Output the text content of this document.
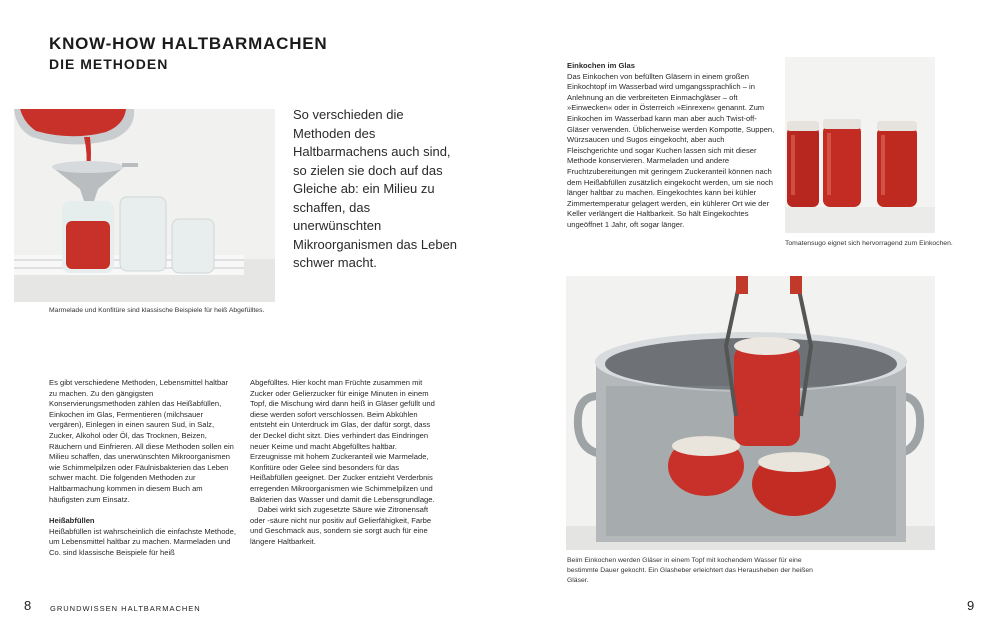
KNOW-HOW HALTBARMACHEN
DIE METHODEN
Marmelade und Konfitüre sind klassische Beispiele für heiß Abgefülltes.
So verschieden die Methoden des Haltbarmachens auch sind, so zielen sie doch auf das Gleiche ab: ein Milieu zu schaffen, das unerwünschten Mikroorganismen das Leben schwer macht.

Es gibt verschiedene Methoden, Lebensmittel haltbar zu machen. Zu den gängigsten Konservierungsmethoden zählen das Heißabfüllen, Einkochen im Glas, Fermentieren (milchsauer vergären), Einlegen in einen sauren Sud, in Salz, Zucker, Alkohol oder Öl, das Trocknen, Beizen, Räuchern und Einfrieren. All diese Methoden sollen ein Milieu schaffen, das unerwünschten Mikroorganismen wie Schimmelpilzen oder Fäulnisbakterien das Leben schwer macht. Die folgenden Methoden zur Haltbarmachung kommen in diesem Buch am häufigsten zum Einsatz.

Heißabfüllen

Heißabfüllen ist wahrscheinlich die einfachste Methode, um Lebensmittel haltbar zu machen. Marmeladen und Co. sind klassische Beispiele für heiß

Abgefülltes. Hier kocht man Früchte zusammen mit Zucker oder Gelierzucker für einige Minuten in einem Topf, die Mischung wird dann heiß in Gläser gefüllt und diese werden sofort verschlossen. Beim Abkühlen entsteht ein Unterdruck im Glas, der dafür sorgt, dass der Deckel dicht sitzt. Dies verhindert das Eindringen neuer Keime und macht Abgefülltes haltbar. Erzeugnisse mit hohem Zuckeranteil wie Marmelade, Konfitüre oder Gelee sind besonders für das Heißabfüllen geeignet. Der Zucker entzieht Verderbnis erregenden Mikroorganismen wie Schimmelpilzen und Bakterien das Wasser und damit die Lebensgrundlage.

Dabei wirkt sich zugesetzte Säure wie Zitronensaft oder -säure nicht nur positiv auf Gelierfähigkeit, Farbe und Geschmack aus, sondern sie sorgt auch für eine längere Haltbarkeit.

Einkochen im Glas

Das Einkochen von befüllten Gläsern in einem großen Einkochtopf im Wasserbad wird umgangssprachlich – in Anlehnung an die verbreiteten Einmachgläser – oft »Einwecken« oder in Österreich »Einrexen« genannt. Zum Einkochen im Wasserbad kann man aber auch Twist-off-Gläser verwenden. Üblicherweise werden Kompotte, Suppen, Würzsaucen und Sugos eingekocht, aber auch Fleischgerichte und sogar Kuchen lassen sich mit dieser Methode konservieren. Marmeladen und andere Fruchtzubereitungen mit geringem Zuckeranteil können nach dem Heißabfüllen zusätzlich eingekocht werden, um sie noch länger haltbar zu machen. Eingekochtes kann bei kühler Zimmertemperatur gelagert werden, ein kühlerer Ort wie der Keller verlängert die Haltbarkeit. So hält Eingekochtes ungeöffnet 1 Jahr, oft sogar länger.

Tomatensugo eignet sich hervorragend zum Einkochen.
Beim Einkochen werden Gläser in einem Topf mit kochendem Wasser für eine bestimmte Dauer gekocht. Ein Glasheber erleichtert das Herausheben der heißen Gläser.
8	GRUNDWISSEN HALTBARMACHEN	9
